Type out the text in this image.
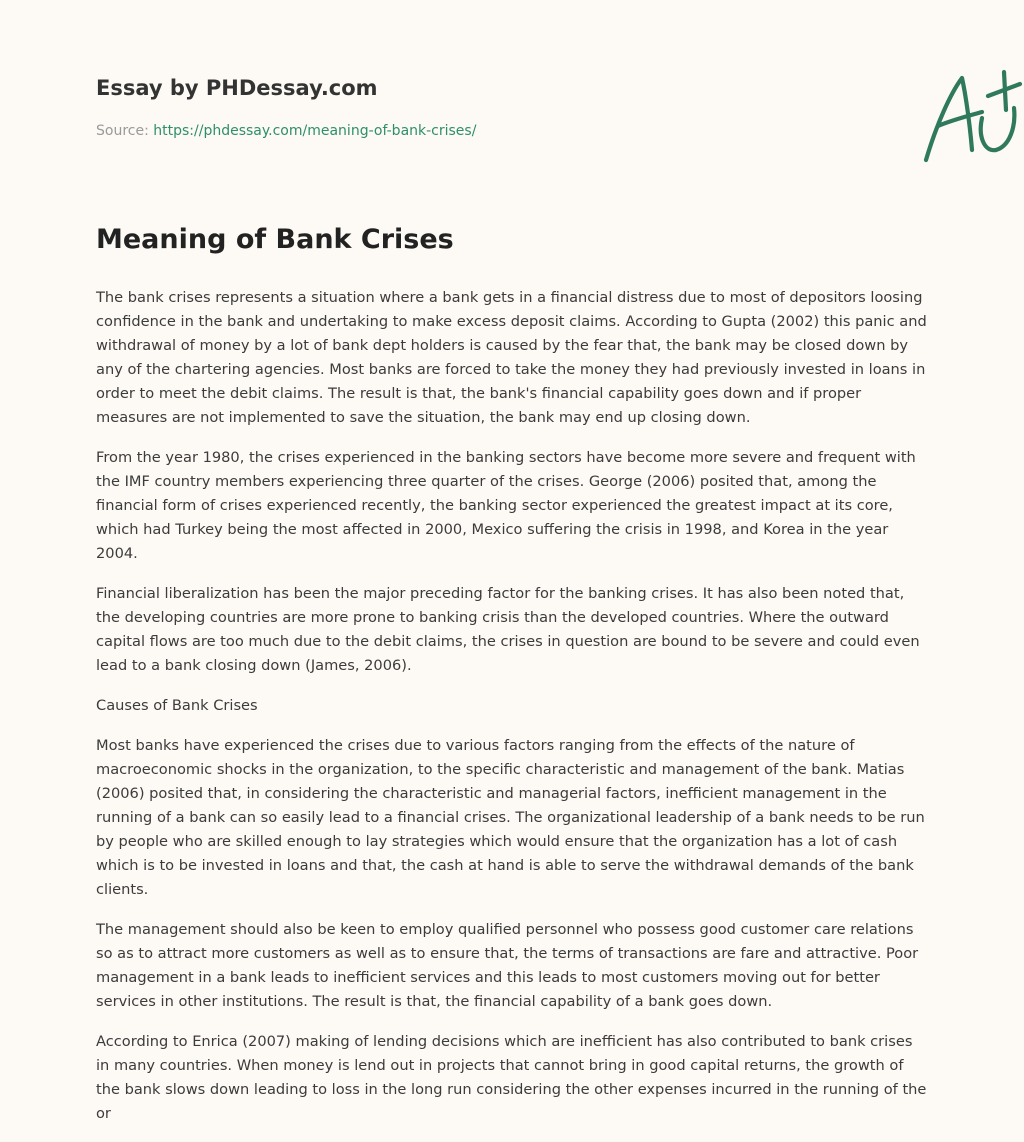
Essay by PHDessay.com
Source: https://phdessay.com/meaning-of-bank-crises/
Meaning of Bank Crises

The bank crises represents a situation where a bank gets in a financial distress due to most of depositors loosing confidence in the bank and undertaking to make excess deposit claims. According to Gupta (2002) this panic and withdrawal of money by a lot of bank dept holders is caused by the fear that, the bank may be closed down by any of the chartering agencies. Most banks are forced to take the money they had previously invested in loans in order to meet the debit claims. The result is that, the bank's financial capability goes down and if proper measures are not implemented to save the situation, the bank may end up closing down.

From the year 1980, the crises experienced in the banking sectors have become more severe and frequent with the IMF country members experiencing three quarter of the crises. George (2006) posited that, among the financial form of crises experienced recently, the banking sector experienced the greatest impact at its core, which had Turkey being the most affected in 2000, Mexico suffering the crisis in 1998, and Korea in the year 2004.

Financial liberalization has been the major preceding factor for the banking crises. It has also been noted that, the developing countries are more prone to banking crisis than the developed countries. Where the outward capital flows are too much due to the debit claims, the crises in question are bound to be severe and could even lead to a bank closing down (James, 2006).

Causes of Bank Crises

Most banks have experienced the crises due to various factors ranging from the effects of the nature of macroeconomic shocks in the organization, to the specific characteristic and management of the bank. Matias (2006) posited that, in considering the characteristic and managerial factors, inefficient management in the running of a bank can so easily lead to a financial crises. The organizational leadership of a bank needs to be run by people who are skilled enough to lay strategies which would ensure that the organization has a lot of cash which is to be invested in loans and that, the cash at hand is able to serve the withdrawal demands of the bank clients.

The management should also be keen to employ qualified personnel who possess good customer care relations so as to attract more customers as well as to ensure that, the terms of transactions are fare and attractive. Poor management in a bank leads to inefficient services and this leads to most customers moving out for better services in other institutions. The result is that, the financial capability of a bank goes down.

According to Enrica (2007) making of lending decisions which are inefficient has also contributed to bank crises in many countries. When money is lend out in projects that cannot bring in good capital returns, the growth of the bank slows down leading to loss in the long run considering the other expenses incurred in the running of the or
